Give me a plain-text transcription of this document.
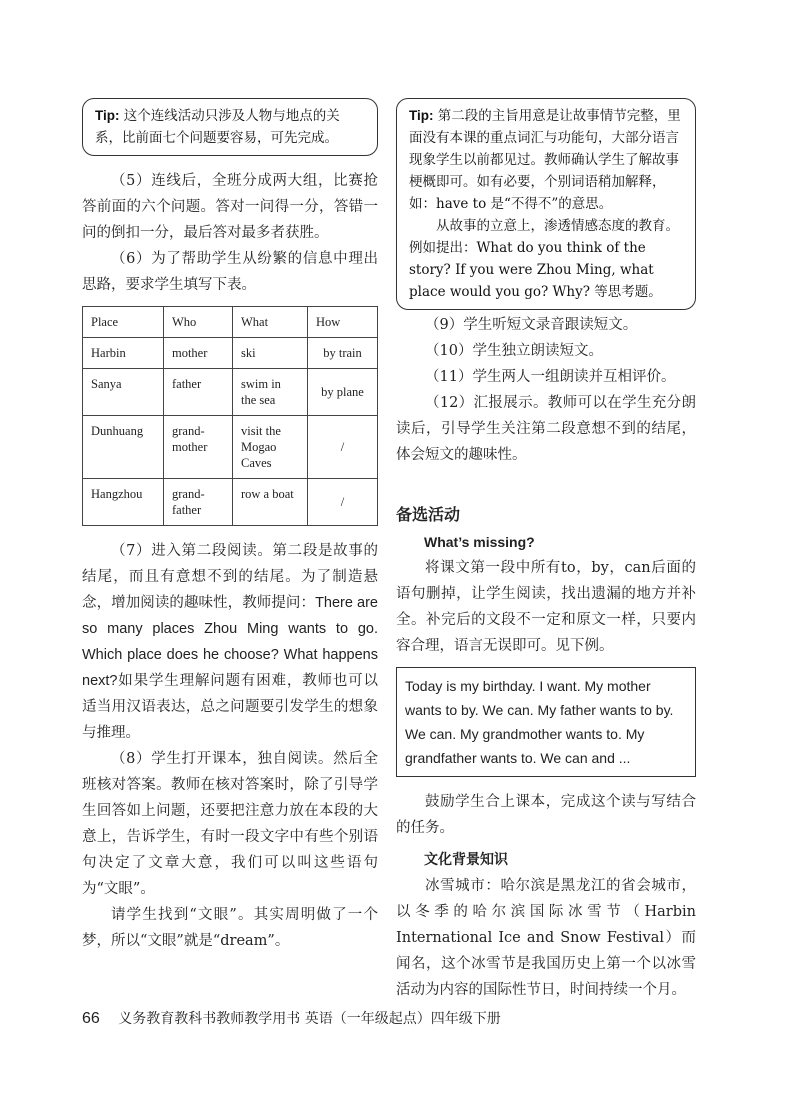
Tip: 这个连线活动只涉及人物与地点的关系，比前面七个问题要容易，可先完成。

（5）连线后，全班分成两大组，比赛抢答前面的六个问题。答对一问得一分，答错一问的倒扣一分，最后答对最多者获胜。

（6）为了帮助学生从纷繁的信息中理出思路，要求学生填写下表。

Place	Who	What	How
Harbin	mother	ski	by train
Sanya	father	swim in the sea	by plane
Dunhuang	grand-mother	visit the Mogao Caves	/
Hangzhou	grand-father	row a boat	/

（7）进入第二段阅读。第二段是故事的结尾，而且有意想不到的结尾。为了制造悬念，增加阅读的趣味性，教师提问：There are so many places Zhou Ming wants to go. Which place does he choose? What happens next?如果学生理解问题有困难，教师也可以适当用汉语表达，总之问题要引发学生的想象与推理。

（8）学生打开课本，独自阅读。然后全班核对答案。教师在核对答案时，除了引导学生回答如上问题，还要把注意力放在本段的大意上，告诉学生，有时一段文字中有些个别语句决定了文章大意，我们可以叫这些语句为“文眼”。

请学生找到“文眼”。其实周明做了一个梦，所以“文眼”就是“dream”。

Tip: 第二段的主旨用意是让故事情节完整，里面没有本课的重点词汇与功能句，大部分语言现象学生以前都见过。教师确认学生了解故事梗概即可。如有必要，个别词语稍加解释，如：have to 是“不得不”的意思。
从故事的立意上，渗透情感态度的教育。例如提出：What do you think of the story? If you were Zhou Ming, what place would you go? Why? 等思考题。

（9）学生听短文录音跟读短文。

（10）学生独立朗读短文。

（11）学生两人一组朗读并互相评价。

（12）汇报展示。教师可以在学生充分朗读后，引导学生关注第二段意想不到的结尾，体会短文的趣味性。

备选活动
What’s missing?

将课文第一段中所有to，by，can后面的语句删掉，让学生阅读，找出遗漏的地方并补全。补完后的文段不一定和原文一样，只要内容合理，语言无误即可。见下例。

Today is my birthday. I want. My mother wants to by. We can. My father wants to by. We can. My grandmother wants to. My grandfather wants to. We can and ...

鼓励学生合上课本，完成这个读与写结合的任务。

文化背景知识

冰雪城市：哈尔滨是黑龙江的省会城市，以冬季的哈尔滨国际冰雪节（Harbin International Ice and Snow Festival）而闻名，这个冰雪节是我国历史上第一个以冰雪活动为内容的国际性节日，时间持续一个月。

66 义务教育教科书教师教学用书 英语（一年级起点）四年级下册
